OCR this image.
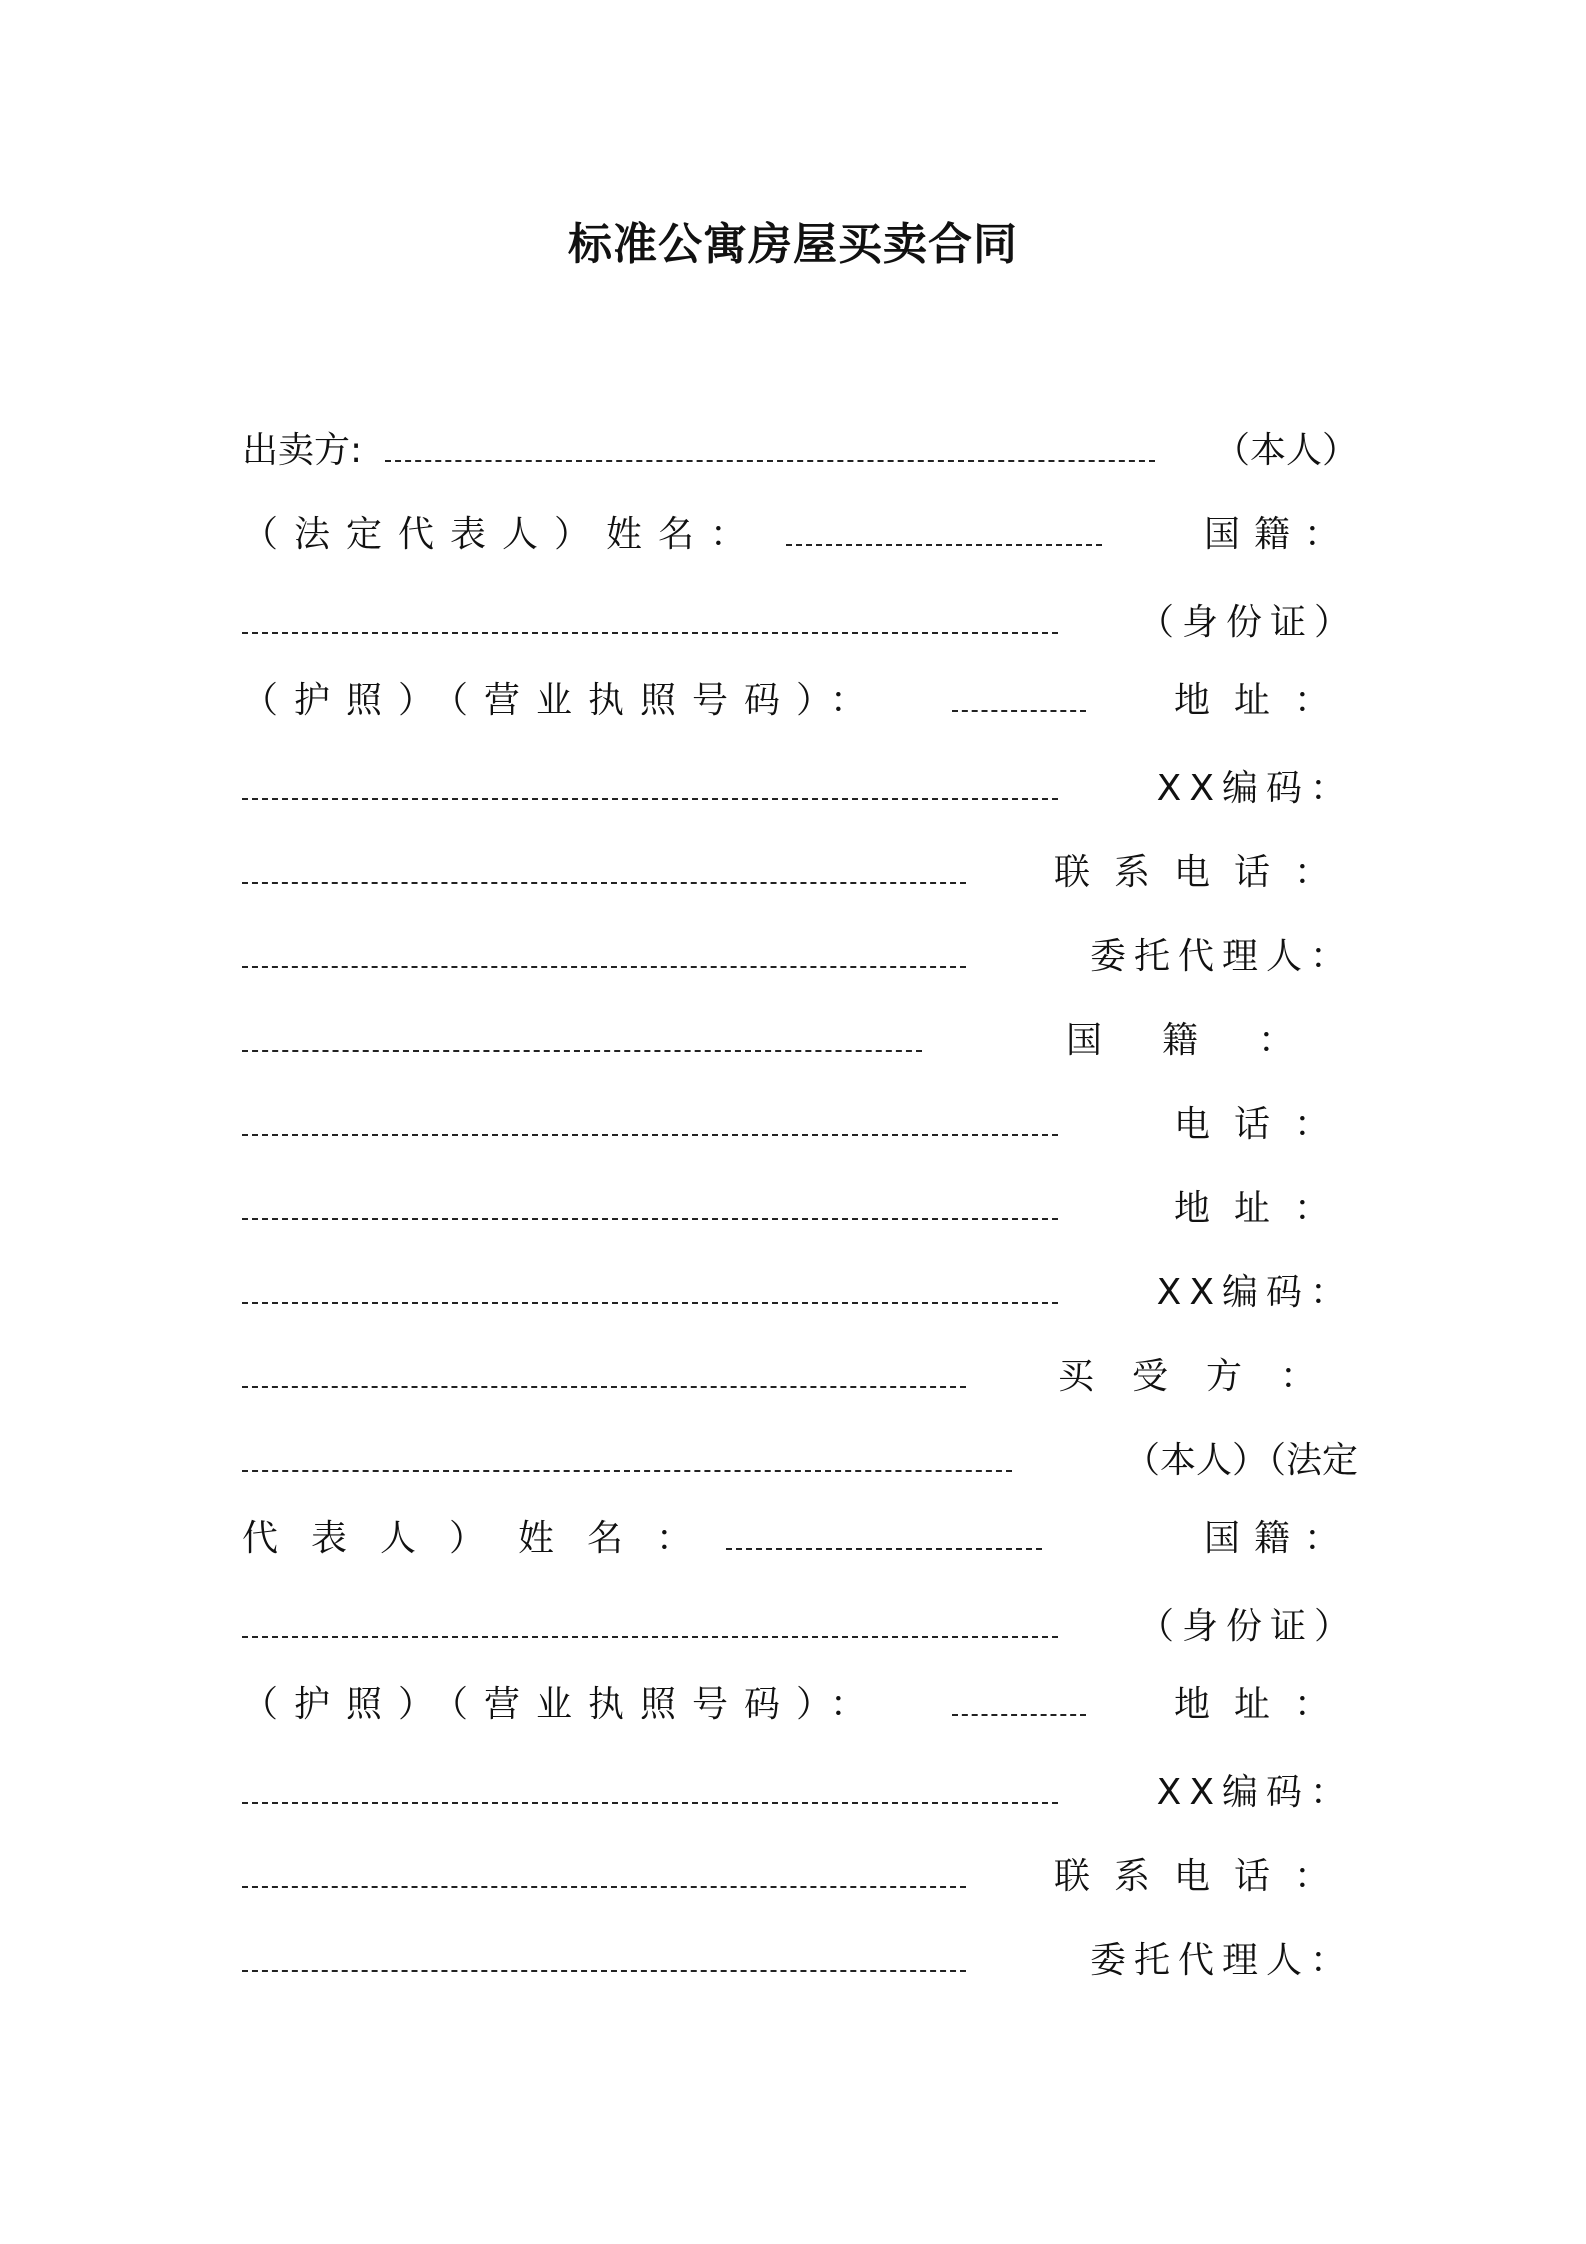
标准公寓房屋买卖合同
出卖方:	（本人）
（法定代表人）姓名：	国籍：
（身份证）
（护照）（营业执照号码）：	地址：
XX编码：
联系电话：
委托代理人：
国籍：
电话：
地址：
XX编码：
买受方：
（本人）（法定
代表人）姓名：	国籍：
（身份证）
（护照）（营业执照号码）：	地址：
XX编码：
联系电话：
委托代理人：
